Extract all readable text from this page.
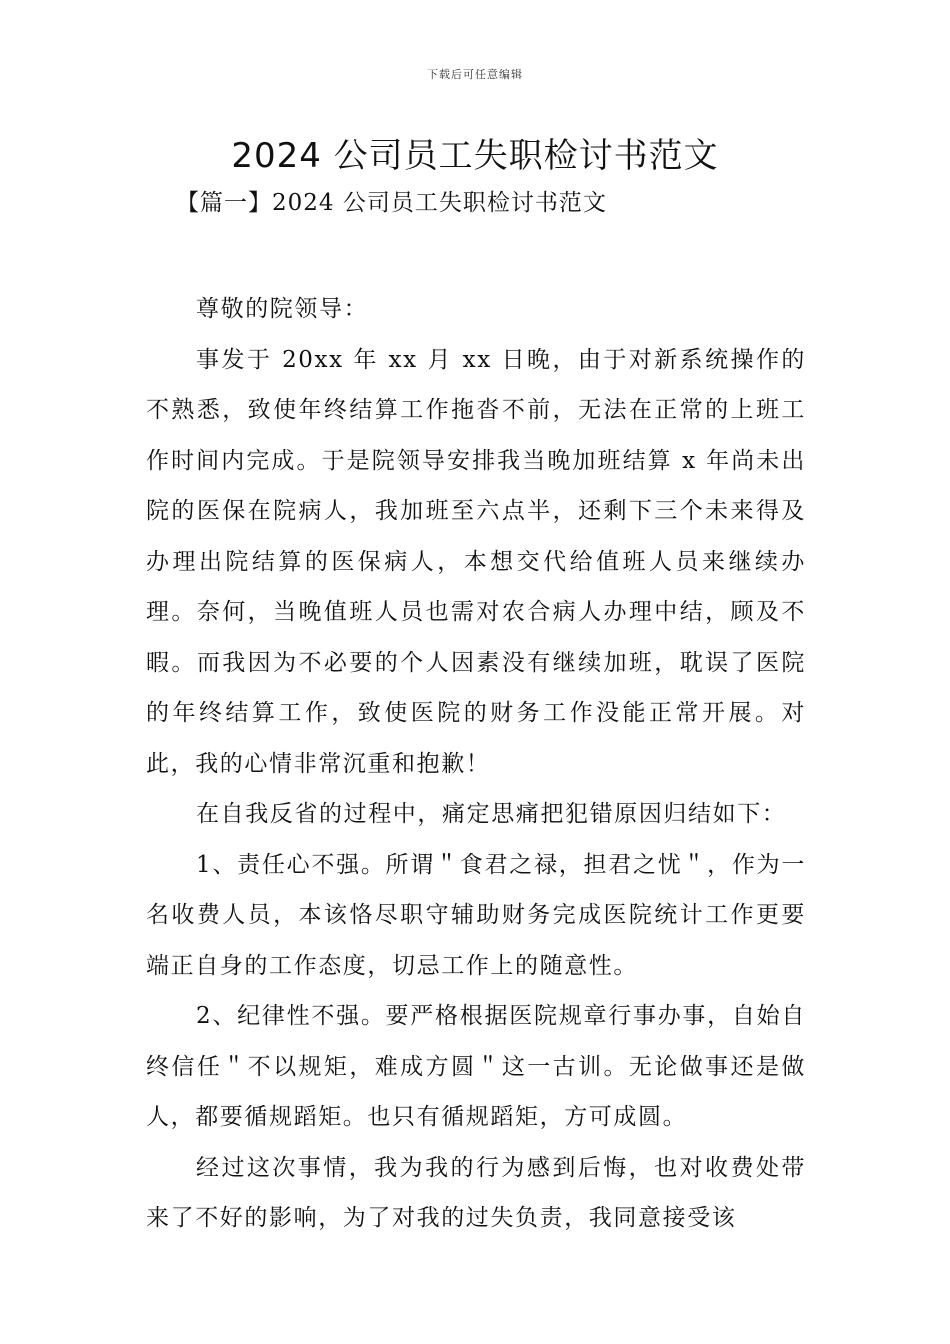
下载后可任意编辑
2024 公司员工失职检讨书范文

【篇一】2024 公司员工失职检讨书范文

尊敬的院领导：

事发于 20xx 年 xx 月 xx 日晚，由于对新系统操作的不熟悉，致使年终结算工作拖沓不前，无法在正常的上班工作时间内完成。于是院领导安排我当晚加班结算 x 年尚未出院的医保在院病人，我加班至六点半，还剩下三个未来得及办理出院结算的医保病人，本想交代给值班人员来继续办理。奈何，当晚值班人员也需对农合病人办理中结，顾及不暇。而我因为不必要的个人因素没有继续加班，耽误了医院的年终结算工作，致使医院的财务工作没能正常开展。对此，我的心情非常沉重和抱歉！

在自我反省的过程中，痛定思痛把犯错原因归结如下：

1、责任心不强。所谓＂食君之禄，担君之忧＂，作为一名收费人员，本该恪尽职守辅助财务完成医院统计工作更要端正自身的工作态度，切忌工作上的随意性。

2、纪律性不强。要严格根据医院规章行事办事，自始自终信任＂不以规矩，难成方圆＂这一古训。无论做事还是做人，都要循规蹈矩。也只有循规蹈矩，方可成圆。

经过这次事情，我为我的行为感到后悔，也对收费处带来了不好的影响，为了对我的过失负责，我同意接受该
